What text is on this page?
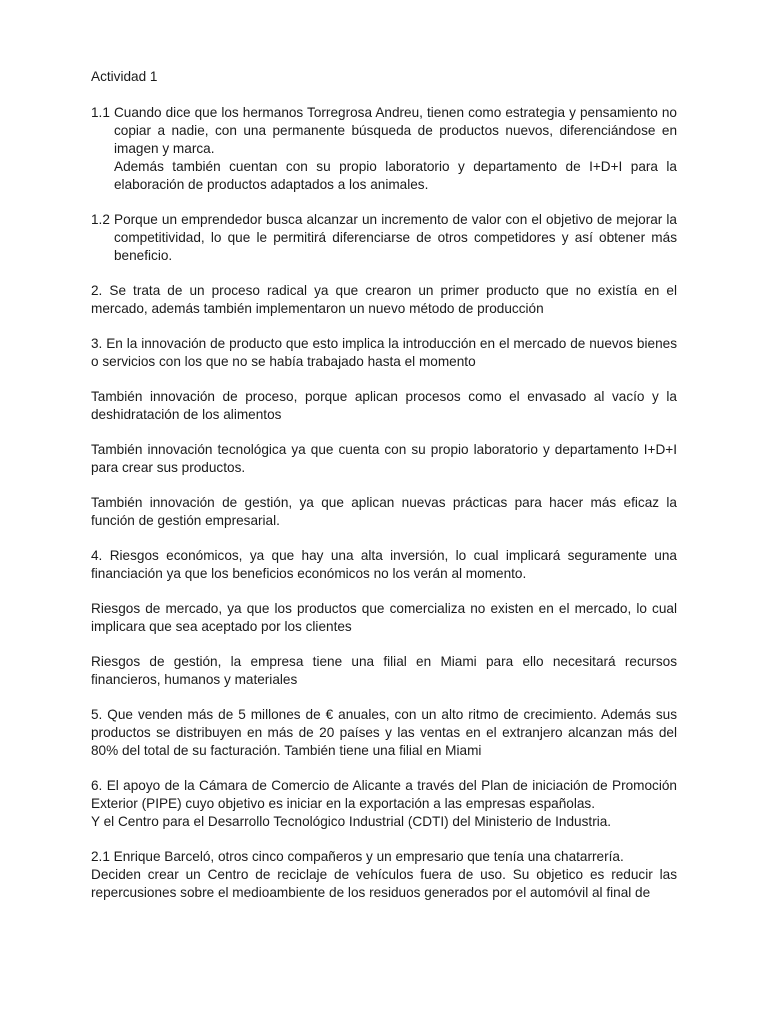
Actividad 1

1.1 Cuando dice que los hermanos Torregrosa Andreu, tienen como estrategia y pensamiento no copiar a nadie, con una permanente búsqueda de productos nuevos, diferenciándose en imagen y marca.
Además también cuentan con su propio laboratorio y departamento de I+D+I para la elaboración de productos adaptados a los animales.

1.2 Porque un emprendedor busca alcanzar un incremento de valor con el objetivo de mejorar la competitividad, lo que le permitirá diferenciarse de otros competidores y así obtener más beneficio.

2. Se trata de un proceso radical ya que crearon un primer producto que no existía en el mercado, además también implementaron un nuevo método de producción

3. En la innovación de producto que esto implica la introducción en el mercado de nuevos bienes o servicios con los que no se había trabajado hasta el momento

También innovación de proceso, porque aplican procesos como el envasado al vacío y la deshidratación de los alimentos

También innovación tecnológica ya que cuenta con su propio laboratorio y departamento I+D+I para crear sus productos.

También innovación de gestión, ya que aplican nuevas prácticas para hacer más eficaz la función de gestión empresarial.

4. Riesgos económicos, ya que hay una alta inversión, lo cual implicará seguramente una financiación ya que los beneficios económicos no los verán al momento.

Riesgos de mercado, ya que los productos que comercializa no existen en el mercado, lo cual implicara que sea aceptado por los clientes

Riesgos de gestión, la empresa tiene una filial en Miami para ello necesitará recursos financieros, humanos y materiales

5. Que venden más de 5 millones de € anuales, con un alto ritmo de crecimiento. Además sus productos se distribuyen en más de 20 países y las ventas en el extranjero alcanzan más del 80% del total de su facturación. También tiene una filial en Miami

6. El apoyo de la Cámara de Comercio de Alicante a través del Plan de iniciación de Promoción Exterior (PIPE) cuyo objetivo es iniciar en la exportación a las empresas españolas.
Y el Centro para el Desarrollo Tecnológico Industrial (CDTI) del Ministerio de Industria.
2.1 Enrique Barceló, otros cinco compañeros y un empresario que tenía una chatarrería.
Deciden crear un Centro de reciclaje de vehículos fuera de uso. Su objetico es reducir las repercusiones sobre el medioambiente de los residuos generados por el automóvil al final de
